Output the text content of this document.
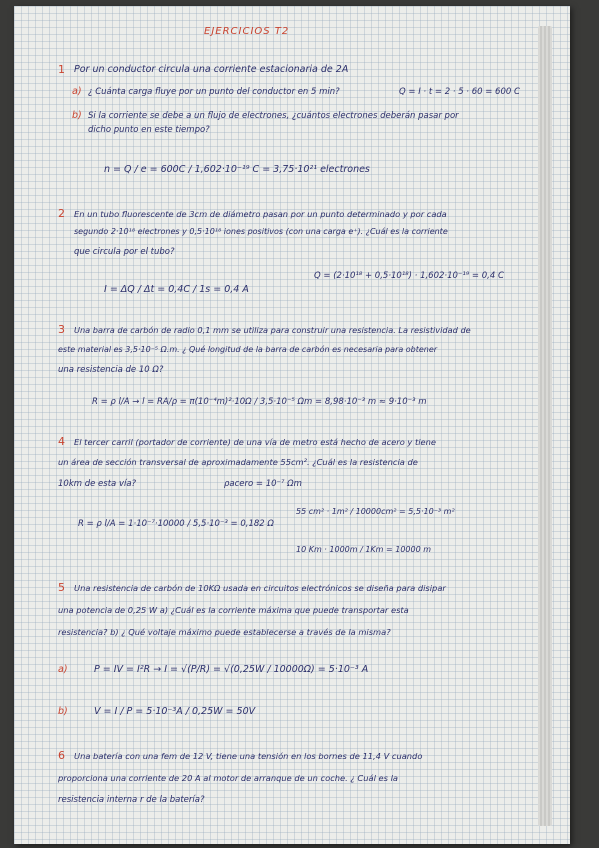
EJERCICIOS T2
1 Por un conductor circula una corriente estacionaria de 2A
a) ¿ Cuánta carga fluye por un punto del conductor en 5 min?	Q = I · t = 2 · 5 · 60 = 600 C
b) Si la corriente se debe a un flujo de electrones, ¿cuántos electrones deberán pasar por
dicho punto en este tiempo?
n = Q / e = 600C / 1,602·10⁻¹⁹ C = 3,75·10²¹ electrones
2 En un tubo fluorescente de 3cm de diámetro pasan por un punto determinado y por cada
segundo 2·10¹⁸ electrones y 0,5·10¹⁸ iones positivos (con una carga e⁺). ¿Cuál es la corriente
que circula por el tubo?
Q = (2·10¹⁸ + 0,5·10¹⁸) · 1,602·10⁻¹⁹ = 0,4 C
I = ΔQ / Δt = 0,4C / 1s = 0,4 A
3 Una barra de carbón de radio 0,1 mm se utiliza para construir una resistencia. La resistividad de
este material es 3,5·10⁻⁵ Ω.m. ¿ Qué longitud de la barra de carbón es necesaria para obtener
una resistencia de 10 Ω?
R = ρ l/A → l = RA/ρ = π(10⁻⁴m)²·10Ω / 3,5·10⁻⁵ Ωm = 8,98·10⁻³ m ≈ 9·10⁻³ m
4 El tercer carril (portador de corriente) de una vía de metro está hecho de acero y tiene
un área de sección transversal de aproximadamente 55cm². ¿Cuál es la resistencia de
10km de esta vía?	ρacero = 10⁻⁷ Ωm
R = ρ l/A = 1·10⁻⁷·10000 / 5,5·10⁻³ = 0,182 Ω
55 cm² · 1m² / 10000cm² = 5,5·10⁻³ m²
10 Km · 1000m / 1Km = 10000 m
5 Una resistencia de carbón de 10KΩ usada en circuitos electrónicos se diseña para disipar
una potencia de 0,25 W a) ¿Cuál es la corriente máxima que puede transportar esta
resistencia? b) ¿ Qué voltaje máximo puede establecerse a través de la misma?
a)	P = IV = I²R → I = √(P/R) = √(0,25W / 10000Ω) = 5·10⁻³ A
b)	V = I / P = 5·10⁻³A / 0,25W = 50V
6 Una batería con una fem de 12 V, tiene una tensión en los bornes de 11,4 V cuando
proporciona una corriente de 20 A al motor de arranque de un coche. ¿ Cuál es la
resistencia interna r de la batería?
